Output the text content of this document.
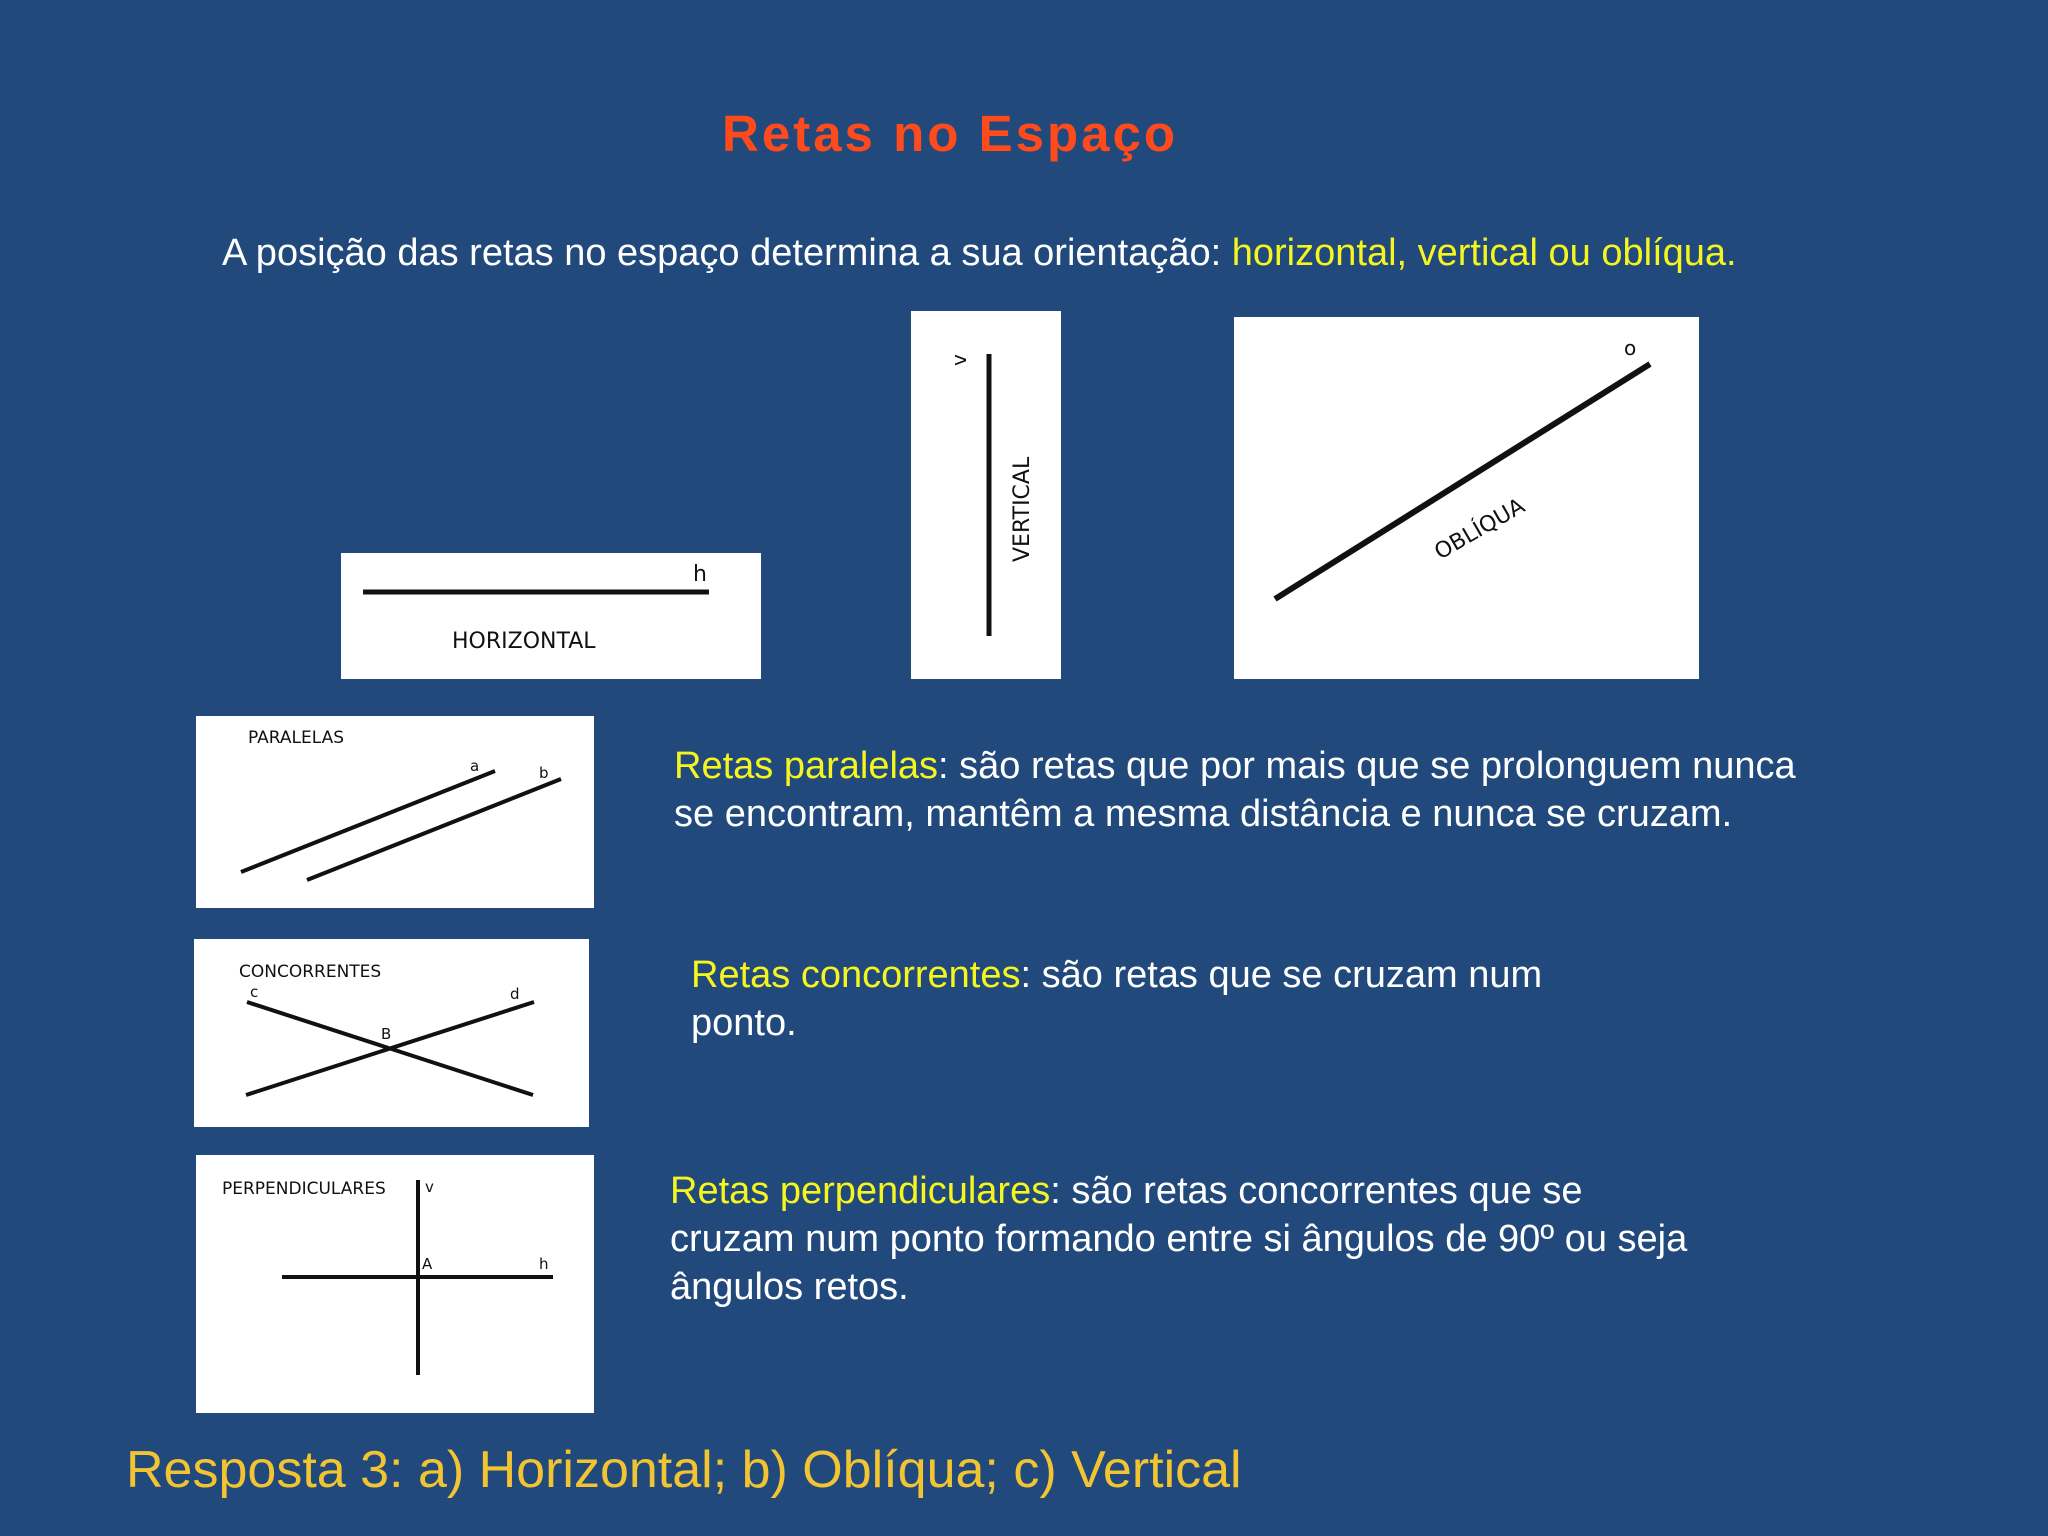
Retas no Espaço
A posição das retas no espaço determina a sua orientação: horizontal, vertical ou oblíqua.
h
HORIZONTAL
v
VERTICAL
o
OBLÍQUA
PARALELAS
a	b
CONCORRENTES
c	d
B
PERPENDICULARES	v
h
A
Retas paralelas: são retas que por mais que se prolonguem nunca se encontram, mantêm a mesma distância e nunca se cruzam.
Retas concorrentes: são retas que se cruzam num ponto.
Retas perpendiculares: são retas concorrentes que se cruzam num ponto formando entre si ângulos de 90º ou seja ângulos retos.
Resposta 3: a) Horizontal; b) Oblíqua; c) Vertical
